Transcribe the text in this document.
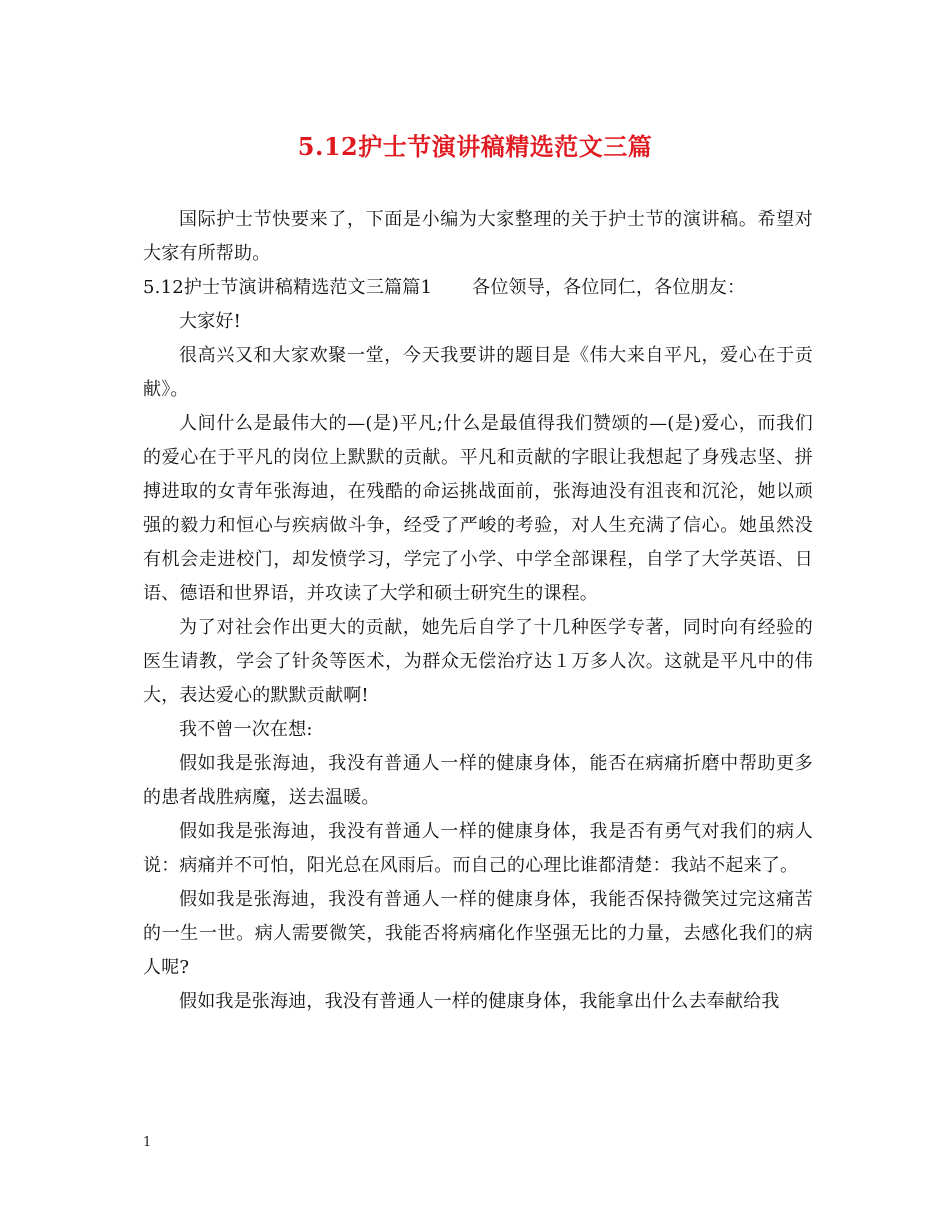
5.12护士节演讲稿精选范文三篇

国际护士节快要来了，下面是小编为大家整理的关于护士节的演讲稿。希望对大家有所帮助。

5.12护士节演讲稿精选范文三篇篇1 各位领导，各位同仁，各位朋友：

大家好!

很高兴又和大家欢聚一堂，今天我要讲的题目是《伟大来自平凡，爱心在于贡献》。

人间什么是最伟大的—(是)平凡;什么是最值得我们赞颂的—(是)爱心，而我们的爱心在于平凡的岗位上默默的贡献。平凡和贡献的字眼让我想起了身残志坚、拼搏进取的女青年张海迪，在残酷的命运挑战面前，张海迪没有沮丧和沉沦，她以顽强的毅力和恒心与疾病做斗争，经受了严峻的考验，对人生充满了信心。她虽然没有机会走进校门，却发愤学习，学完了小学、中学全部课程，自学了大学英语、日语、德语和世界语，并攻读了大学和硕士研究生的课程。

为了对社会作出更大的贡献，她先后自学了十几种医学专著，同时向有经验的医生请教，学会了针灸等医术，为群众无偿治疗达１万多人次。这就是平凡中的伟大，表达爱心的默默贡献啊!

我不曾一次在想:

假如我是张海迪，我没有普通人一样的健康身体，能否在病痛折磨中帮助更多的患者战胜病魔，送去温暖。

假如我是张海迪，我没有普通人一样的健康身体，我是否有勇气对我们的病人说：病痛并不可怕，阳光总在风雨后。而自己的心理比谁都清楚：我站不起来了。

假如我是张海迪，我没有普通人一样的健康身体，我能否保持微笑过完这痛苦的一生一世。病人需要微笑，我能否将病痛化作坚强无比的力量，去感化我们的病人呢?

假如我是张海迪，我没有普通人一样的健康身体，我能拿出什么去奉献给我

1
